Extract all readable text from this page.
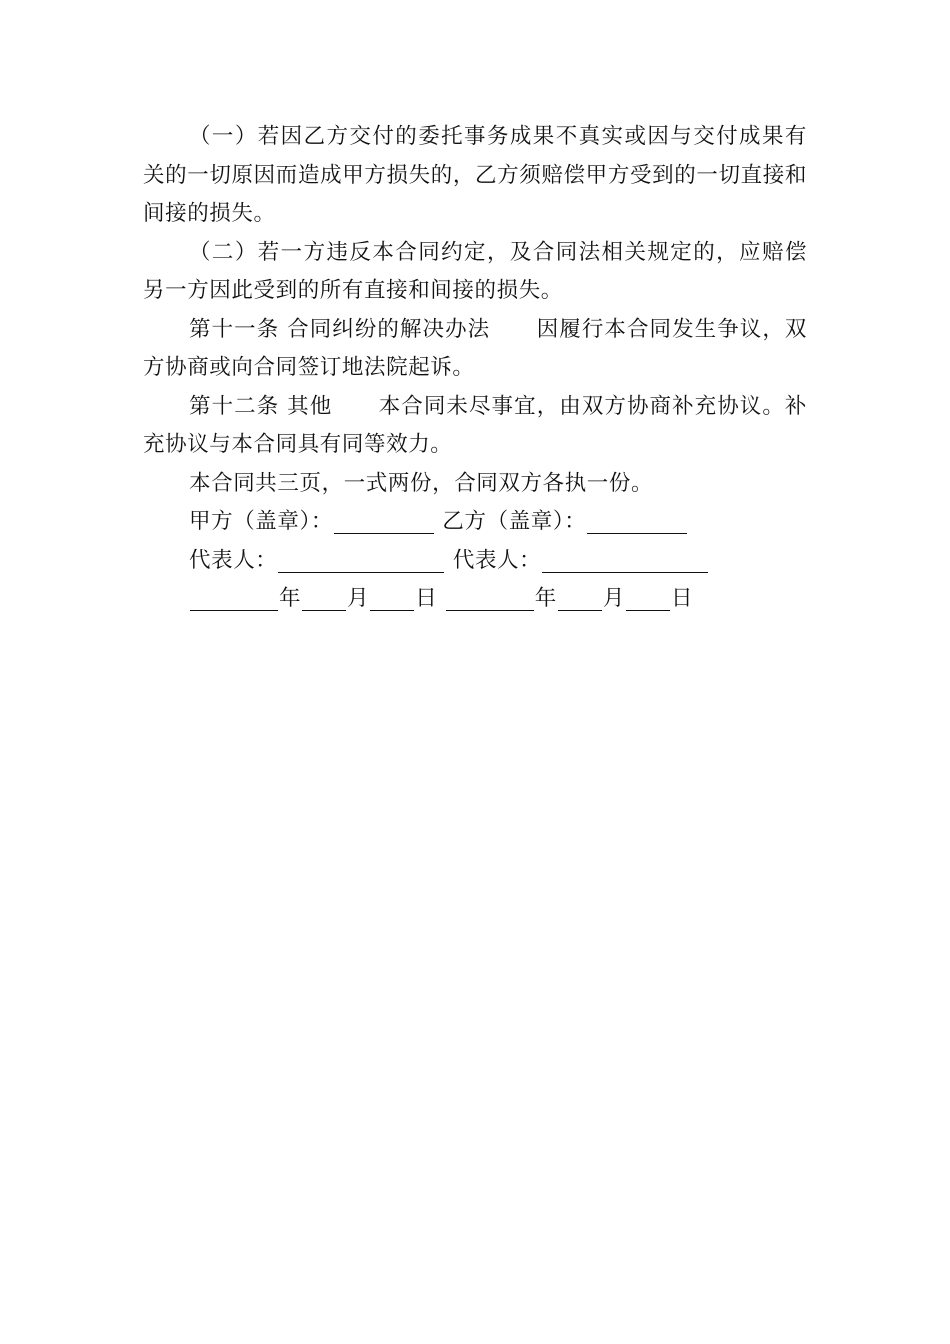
（一）若因乙方交付的委托事务成果不真实或因与交付成果有关的一切原因而造成甲方损失的，乙方须赔偿甲方受到的一切直接和间接的损失。

（二）若一方违反本合同约定，及合同法相关规定的，应赔偿另一方因此受到的所有直接和间接的损失。

第十一条 合同纠纷的解决办法 因履行本合同发生争议，双方协商或向合同签订地法院起诉。

第十二条 其他 本合同未尽事宜，由双方协商补充协议。补充协议与本合同具有同等效力。

本合同共三页，一式两份，合同双方各执一份。

甲方（盖章）：	乙方（盖章）：

代表人：	代表人：

年 月 日	年 月 日
